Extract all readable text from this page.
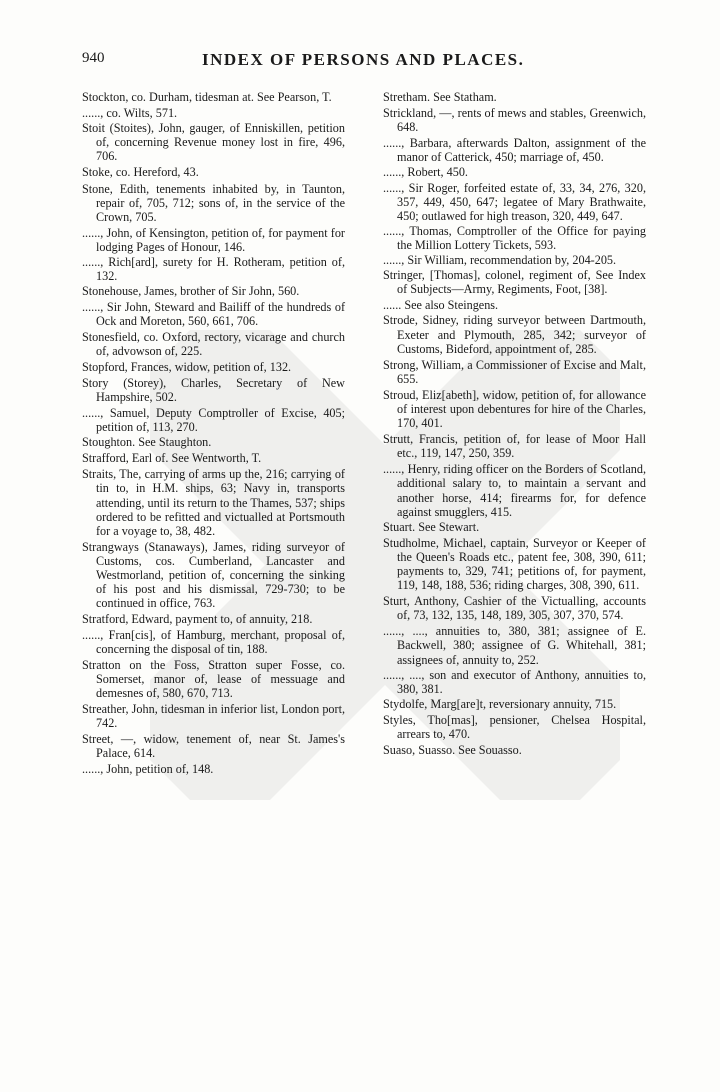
940	INDEX OF PERSONS AND PLACES.

Stockton, co. Durham, tidesman at. See Pearson, T.

......, co. Wilts, 571.

Stoit (Stoites), John, gauger, of Enniskillen, petition of, concerning Revenue money lost in fire, 496, 706.

Stoke, co. Hereford, 43.

Stone, Edith, tenements inhabited by, in Taunton, repair of, 705, 712; sons of, in the service of the Crown, 705.

......, John, of Kensington, petition of, for payment for lodging Pages of Honour, 146.

......, Rich[ard], surety for H. Rotheram, petition of, 132.

Stonehouse, James, brother of Sir John, 560.

......, Sir John, Steward and Bailiff of the hundreds of Ock and Moreton, 560, 661, 706.

Stonesfield, co. Oxford, rectory, vicarage and church of, advowson of, 225.

Stopford, Frances, widow, petition of, 132.

Story (Storey), Charles, Secretary of New Hampshire, 502.

......, Samuel, Deputy Comptroller of Excise, 405; petition of, 113, 270.

Stoughton. See Staughton.

Strafford, Earl of. See Wentworth, T.

Straits, The, carrying of arms up the, 216; carrying of tin to, in H.M. ships, 63; Navy in, transports attending, until its return to the Thames, 537; ships ordered to be refitted and victualled at Portsmouth for a voyage to, 38, 482.

Strangways (Stanaways), James, riding surveyor of Customs, cos. Cumberland, Lancaster and Westmorland, petition of, concerning the sinking of his post and his dismissal, 729-730; to be continued in office, 763.

Stratford, Edward, payment to, of annuity, 218.

......, Fran[cis], of Hamburg, merchant, proposal of, concerning the disposal of tin, 188.

Stratton on the Foss, Stratton super Fosse, co. Somerset, manor of, lease of messuage and demesnes of, 580, 670, 713.

Streather, John, tidesman in inferior list, London port, 742.

Street, —, widow, tenement of, near St. James's Palace, 614.

......, John, petition of, 148.

Stretham. See Statham.

Strickland, —, rents of mews and stables, Greenwich, 648.

......, Barbara, afterwards Dalton, assignment of the manor of Catterick, 450; marriage of, 450.

......, Robert, 450.

......, Sir Roger, forfeited estate of, 33, 34, 276, 320, 357, 449, 450, 647; legatee of Mary Brathwaite, 450; outlawed for high treason, 320, 449, 647.

......, Thomas, Comptroller of the Office for paying the Million Lottery Tickets, 593.

......, Sir William, recommendation by, 204-205.

Stringer, [Thomas], colonel, regiment of, See Index of Subjects—Army, Regiments, Foot, [38].

...... See also Steingens.

Strode, Sidney, riding surveyor between Dartmouth, Exeter and Plymouth, 285, 342; surveyor of Customs, Bideford, appointment of, 285.

Strong, William, a Commissioner of Excise and Malt, 655.

Stroud, Eliz[abeth], widow, petition of, for allowance of interest upon debentures for hire of the Charles, 170, 401.

Strutt, Francis, petition of, for lease of Moor Hall etc., 119, 147, 250, 359.

......, Henry, riding officer on the Borders of Scotland, additional salary to, to maintain a servant and another horse, 414; firearms for, for defence against smugglers, 415.

Stuart. See Stewart.

Studholme, Michael, captain, Surveyor or Keeper of the Queen's Roads etc., patent fee, 308, 390, 611; payments to, 329, 741; petitions of, for payment, 119, 148, 188, 536; riding charges, 308, 390, 611.

Sturt, Anthony, Cashier of the Victualling, accounts of, 73, 132, 135, 148, 189, 305, 307, 370, 574.

......, ...., annuities to, 380, 381; assignee of E. Backwell, 380; assignee of G. Whitehall, 381; assignees of, annuity to, 252.

......, ...., son and executor of Anthony, annuities to, 380, 381.

Stydolfe, Marg[are]t, reversionary annuity, 715.

Styles, Tho[mas], pensioner, Chelsea Hospital, arrears to, 470.

Suaso, Suasso. See Souasso.
